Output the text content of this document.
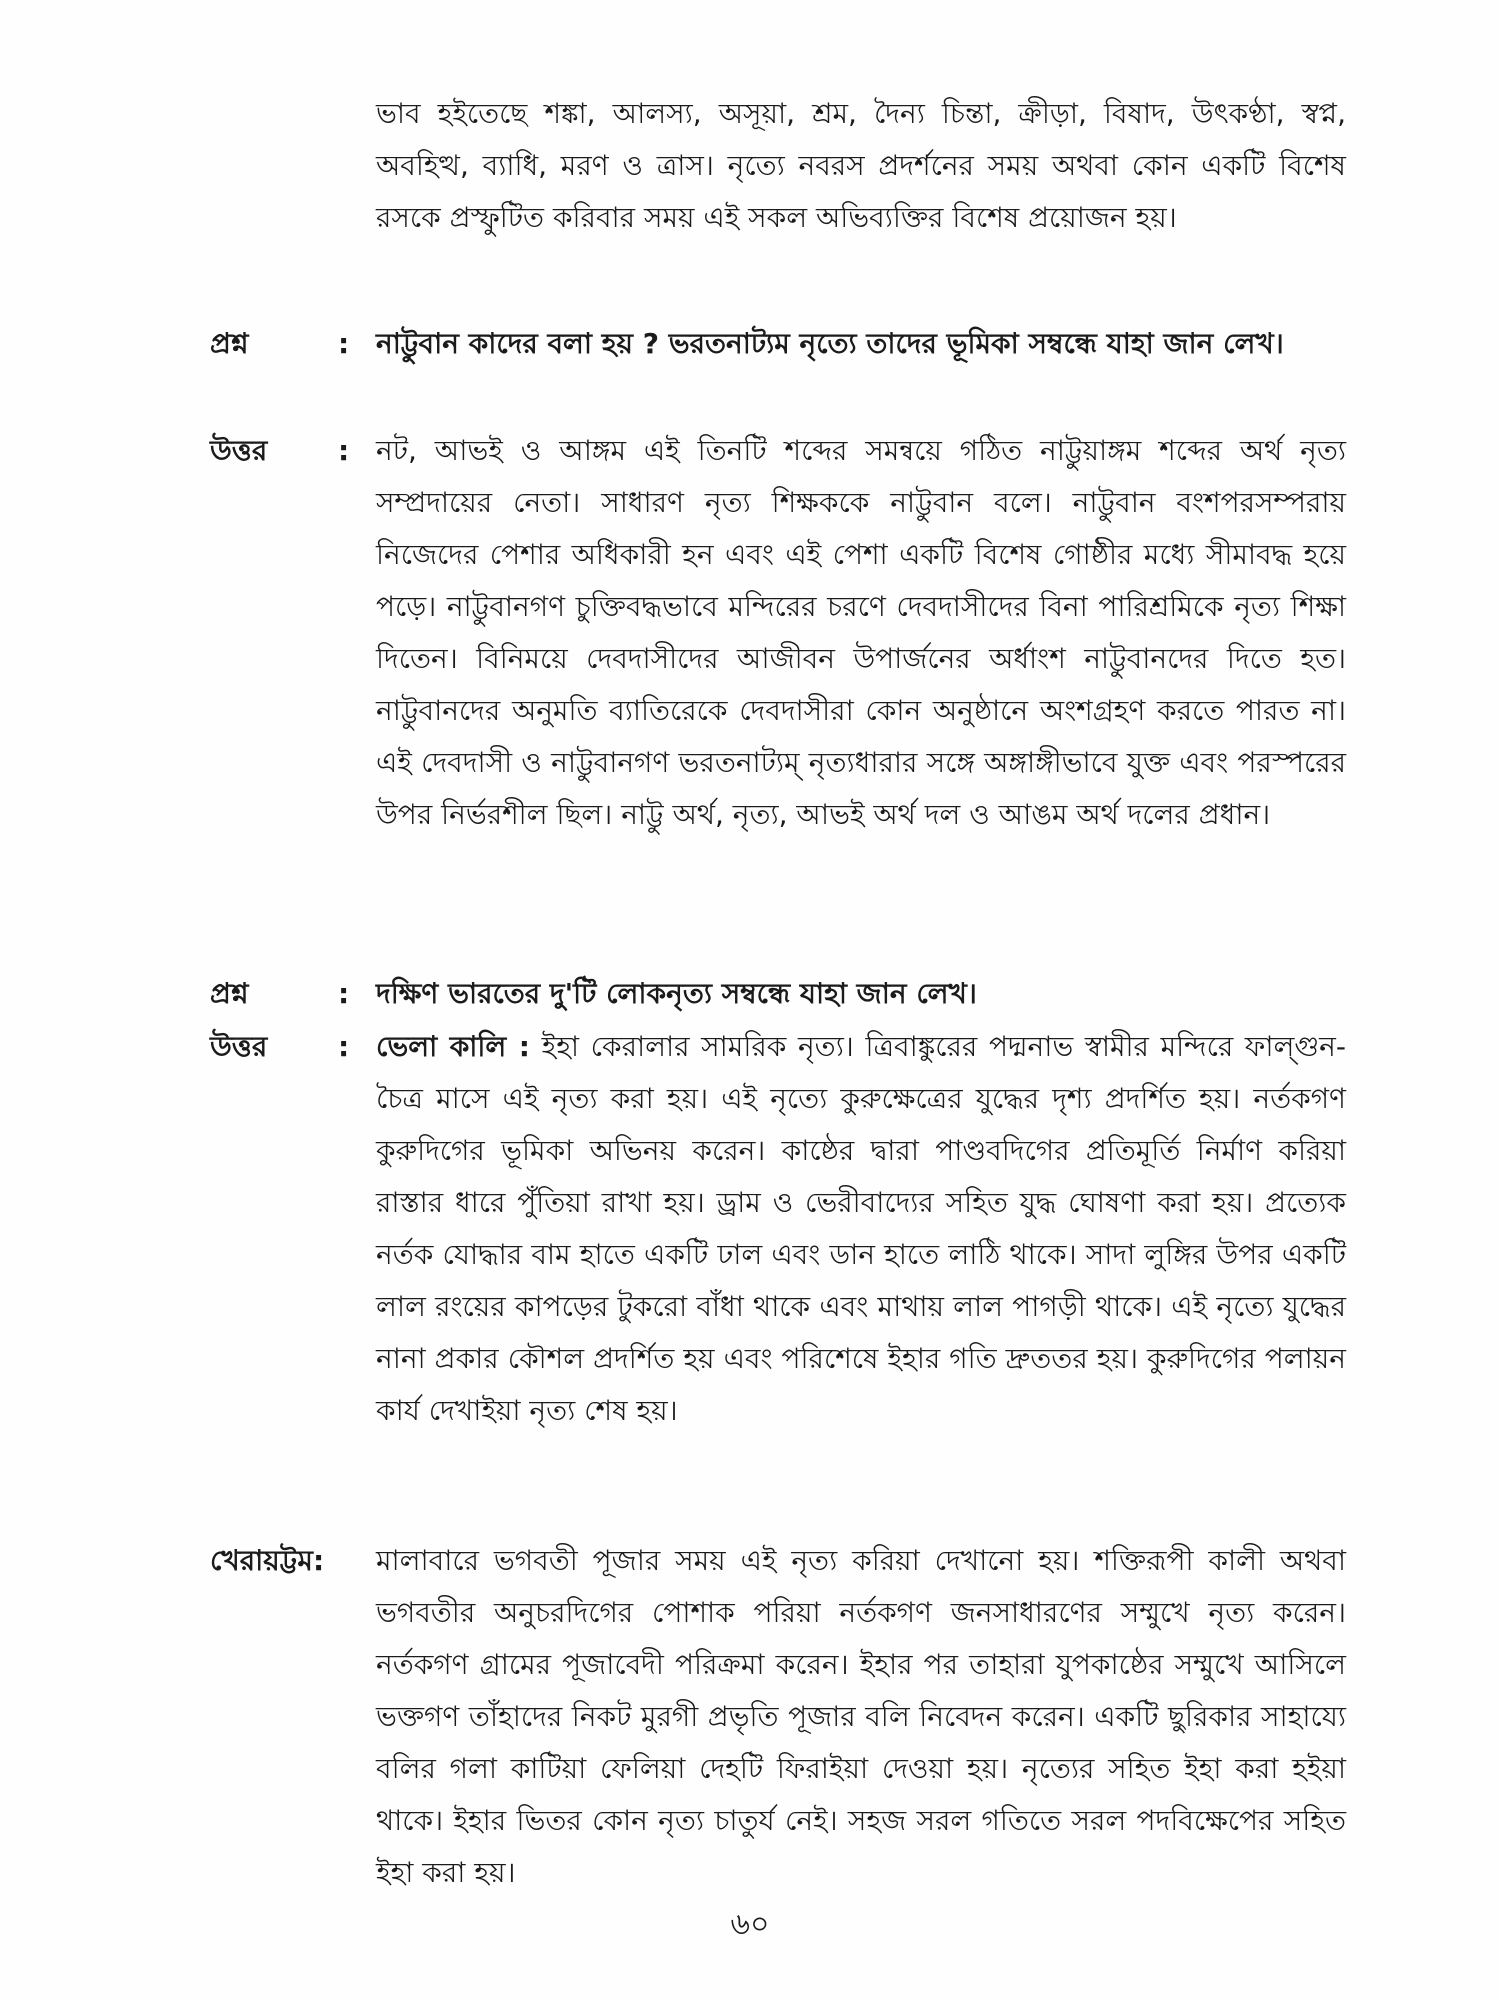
ভাব হইতেছে শঙ্কা, আলস্য, অসূয়া, শ্রম, দৈন্য চিন্তা, ক্রীড়া, বিষাদ, উৎকণ্ঠা, স্বপ্ন, অবহিত্থ, ব্যাধি, মরণ ও ত্রাস। নৃত্যে নবরস প্রদর্শনের সময় অথবা কোন একটি বিশেষ রসকে প্রস্ফুটিত করিবার সময় এই সকল অভিব্যক্তির বিশেষ প্রয়োজন হয়।
প্রশ্ন	: নাট্টুবান কাদের বলা হয় ? ভরতনাট্যম নৃত্যে তাদের ভূমিকা সম্বন্ধে যাহা জান লেখ।
উত্তর	: নট, আভই ও আঙ্গম এই তিনটি শব্দের সমন্বয়ে গঠিত নাট্টুয়াঙ্গম শব্দের অর্থ নৃত্য সম্প্রদায়ের নেতা। সাধারণ নৃত্য শিক্ষককে নাট্টুবান বলে। নাট্টুবান বংশপরসম্পরায় নিজেদের পেশার অধিকারী হন এবং এই পেশা একটি বিশেষ গোষ্ঠীর মধ্যে সীমাবদ্ধ হয়ে পড়ে। নাট্টুবানগণ চুক্তিবদ্ধভাবে মন্দিরের চরণে দেবদাসীদের বিনা পারিশ্রমিকে নৃত্য শিক্ষা দিতেন। বিনিময়ে দেবদাসীদের আজীবন উপার্জনের অর্ধাংশ নাট্টুবানদের দিতে হত। নাট্টুবানদের অনুমতি ব্যাতিরেকে দেবদাসীরা কোন অনুষ্ঠানে অংশগ্রহণ করতে পারত না। এই দেবদাসী ও নাট্টুবানগণ ভরতনাট্যম্ নৃত্যধারার সঙ্গে অঙ্গাঙ্গীভাবে যুক্ত এবং পরস্পরের উপর নির্ভরশীল ছিল। নাট্টু অর্থ, নৃত্য, আভই অর্থ দল ও আঙম অর্থ দলের প্রধান।
প্রশ্ন	: দক্ষিণ ভারতের দু'টি লোকনৃত্য সম্বন্ধে যাহা জান লেখ।
উত্তর	: ভেলা কালি : ইহা কেরালার সামরিক নৃত্য। ত্রিবাঙ্কুরের পদ্মনাভ স্বামীর মন্দিরে ফাল্গুন-চৈত্র মাসে এই নৃত্য করা হয়। এই নৃত্যে কুরুক্ষেত্রের যুদ্ধের দৃশ্য প্রদর্শিত হয়। নর্তকগণ কুরুদিগের ভূমিকা অভিনয় করেন। কাষ্ঠের দ্বারা পাণ্ডবদিগের প্রতিমূর্তি নির্মাণ করিয়া রাস্তার ধারে পুঁতিয়া রাখা হয়। ড্রাম ও ভেরীবাদ্যের সহিত যুদ্ধ ঘোষণা করা হয়। প্রত্যেক নর্তক যোদ্ধার বাম হাতে একটি ঢাল এবং ডান হাতে লাঠি থাকে। সাদা লুঙ্গির উপর একটি লাল রংয়ের কাপড়ের টুকরো বাঁধা থাকে এবং মাথায় লাল পাগড়ী থাকে। এই নৃত্যে যুদ্ধের নানা প্রকার কৌশল প্রদর্শিত হয় এবং পরিশেষে ইহার গতি দ্রুততর হয়। কুরুদিগের পলায়ন কার্য দেখাইয়া নৃত্য শেষ হয়।
খেরায়ট্টম: মালাবারে ভগবতী পূজার সময় এই নৃত্য করিয়া দেখানো হয়। শক্তিরূপী কালী অথবা ভগবতীর অনুচরদিগের পোশাক পরিয়া নর্তকগণ জনসাধারণের সম্মুখে নৃত্য করেন। নর্তকগণ গ্রামের পূজাবেদী পরিক্রমা করেন। ইহার পর তাহারা যুপকাষ্ঠের সম্মুখে আসিলে ভক্তগণ তাঁহাদের নিকট মুরগী প্রভৃতি পূজার বলি নিবেদন করেন। একটি ছুরিকার সাহায্যে বলির গলা কাটিয়া ফেলিয়া দেহটি ফিরাইয়া দেওয়া হয়। নৃত্যের সহিত ইহা করা হইয়া থাকে। ইহার ভিতর কোন নৃত্য চাতুর্য নেই। সহজ সরল গতিতে সরল পদবিক্ষেপের সহিত ইহা করা হয়।
৬০
